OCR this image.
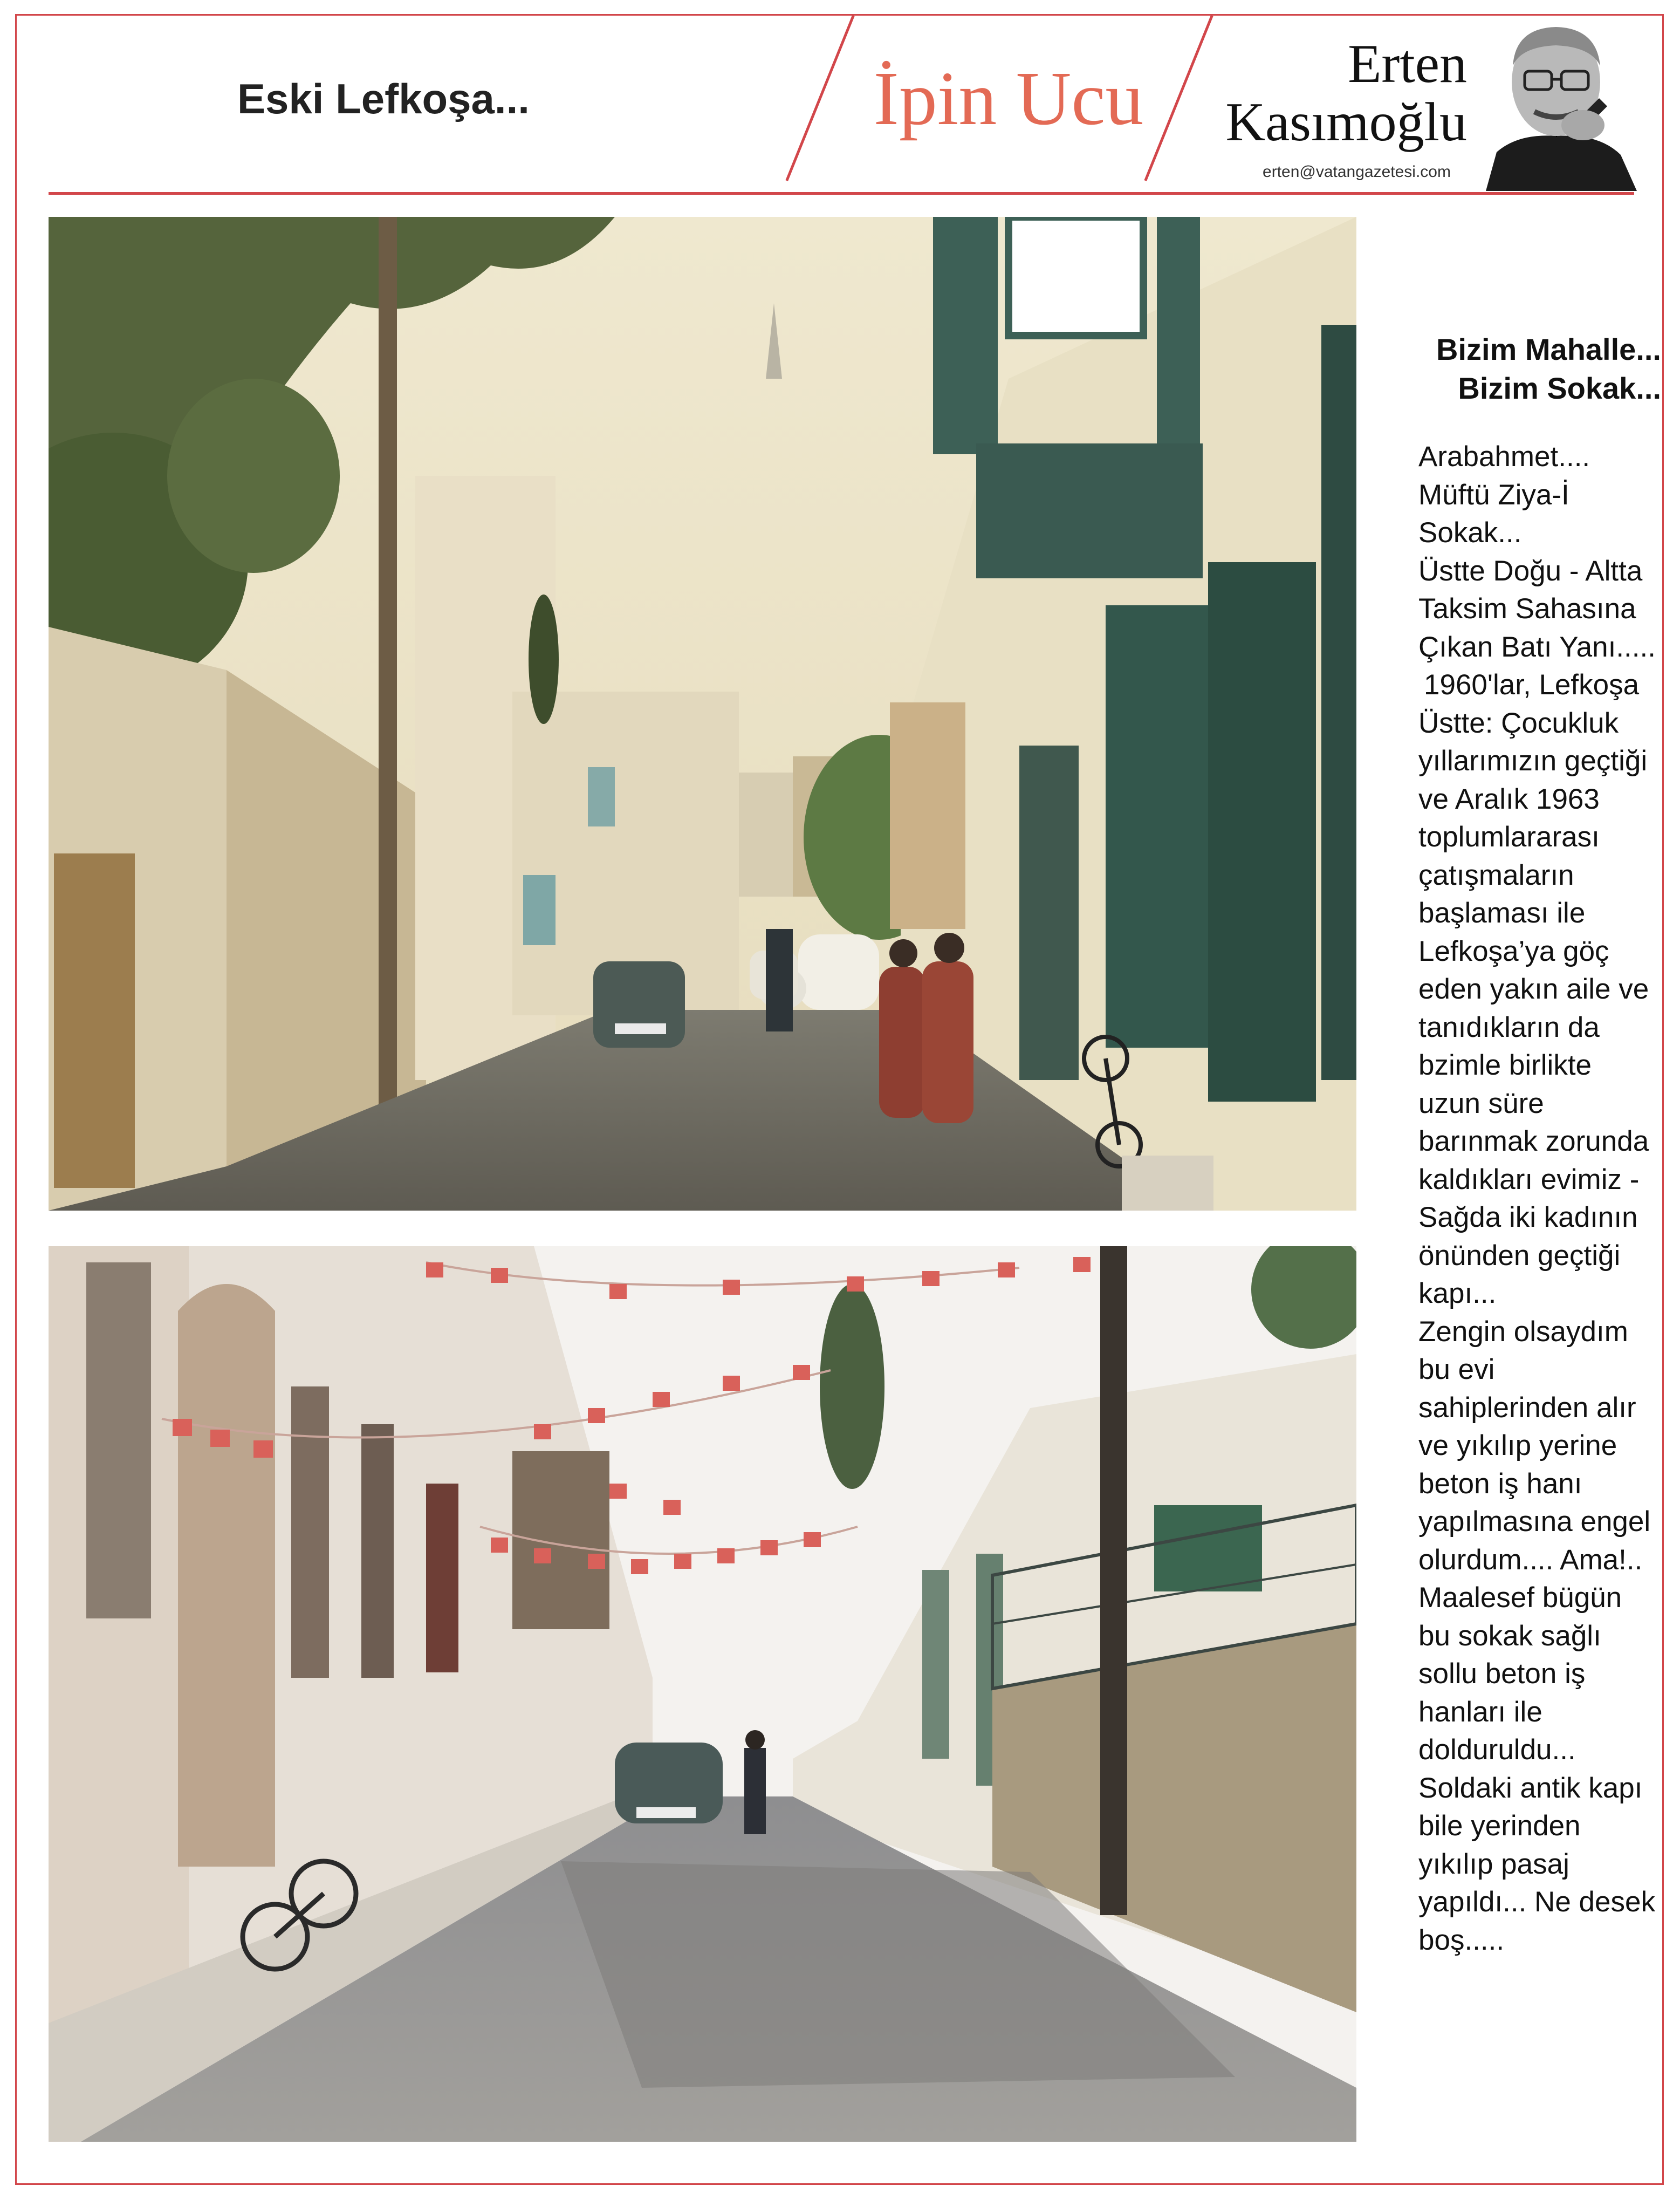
Eski Lefkoşa...	İpin Ucu	Erten
Kasımoğlu
erten@vatangazetesi.com

Bizim Mahalle...

Bizim Sokak...

Arabahmet.... Müftü Ziya-İ Sokak...

Üstte Doğu - Altta Taksim Sahasına Çıkan Batı Yanı.....

1960'lar, Lefkoşa

Üstte: Çocukluk yıllarımızın geçtiği ve Aralık 1963 toplumlararası çatışmaların başlaması ile Lefkoşa’ya göç eden yakın aile ve tanıdıkların da bzimle birlikte uzun süre barınmak zorunda kaldıkları evimiz - Sağda iki kadının önünden geçtiği kapı...

Zengin olsaydım bu evi sahiplerinden alır ve yıkılıp yerine beton iş hanı yapılmasına engel olurdum.... Ama!.. Maalesef bügün bu sokak sağlı sollu beton iş hanları ile dolduruldu... Soldaki antik kapı bile yerinden yıkılıp pasaj yapıldı... Ne desek boş.....
